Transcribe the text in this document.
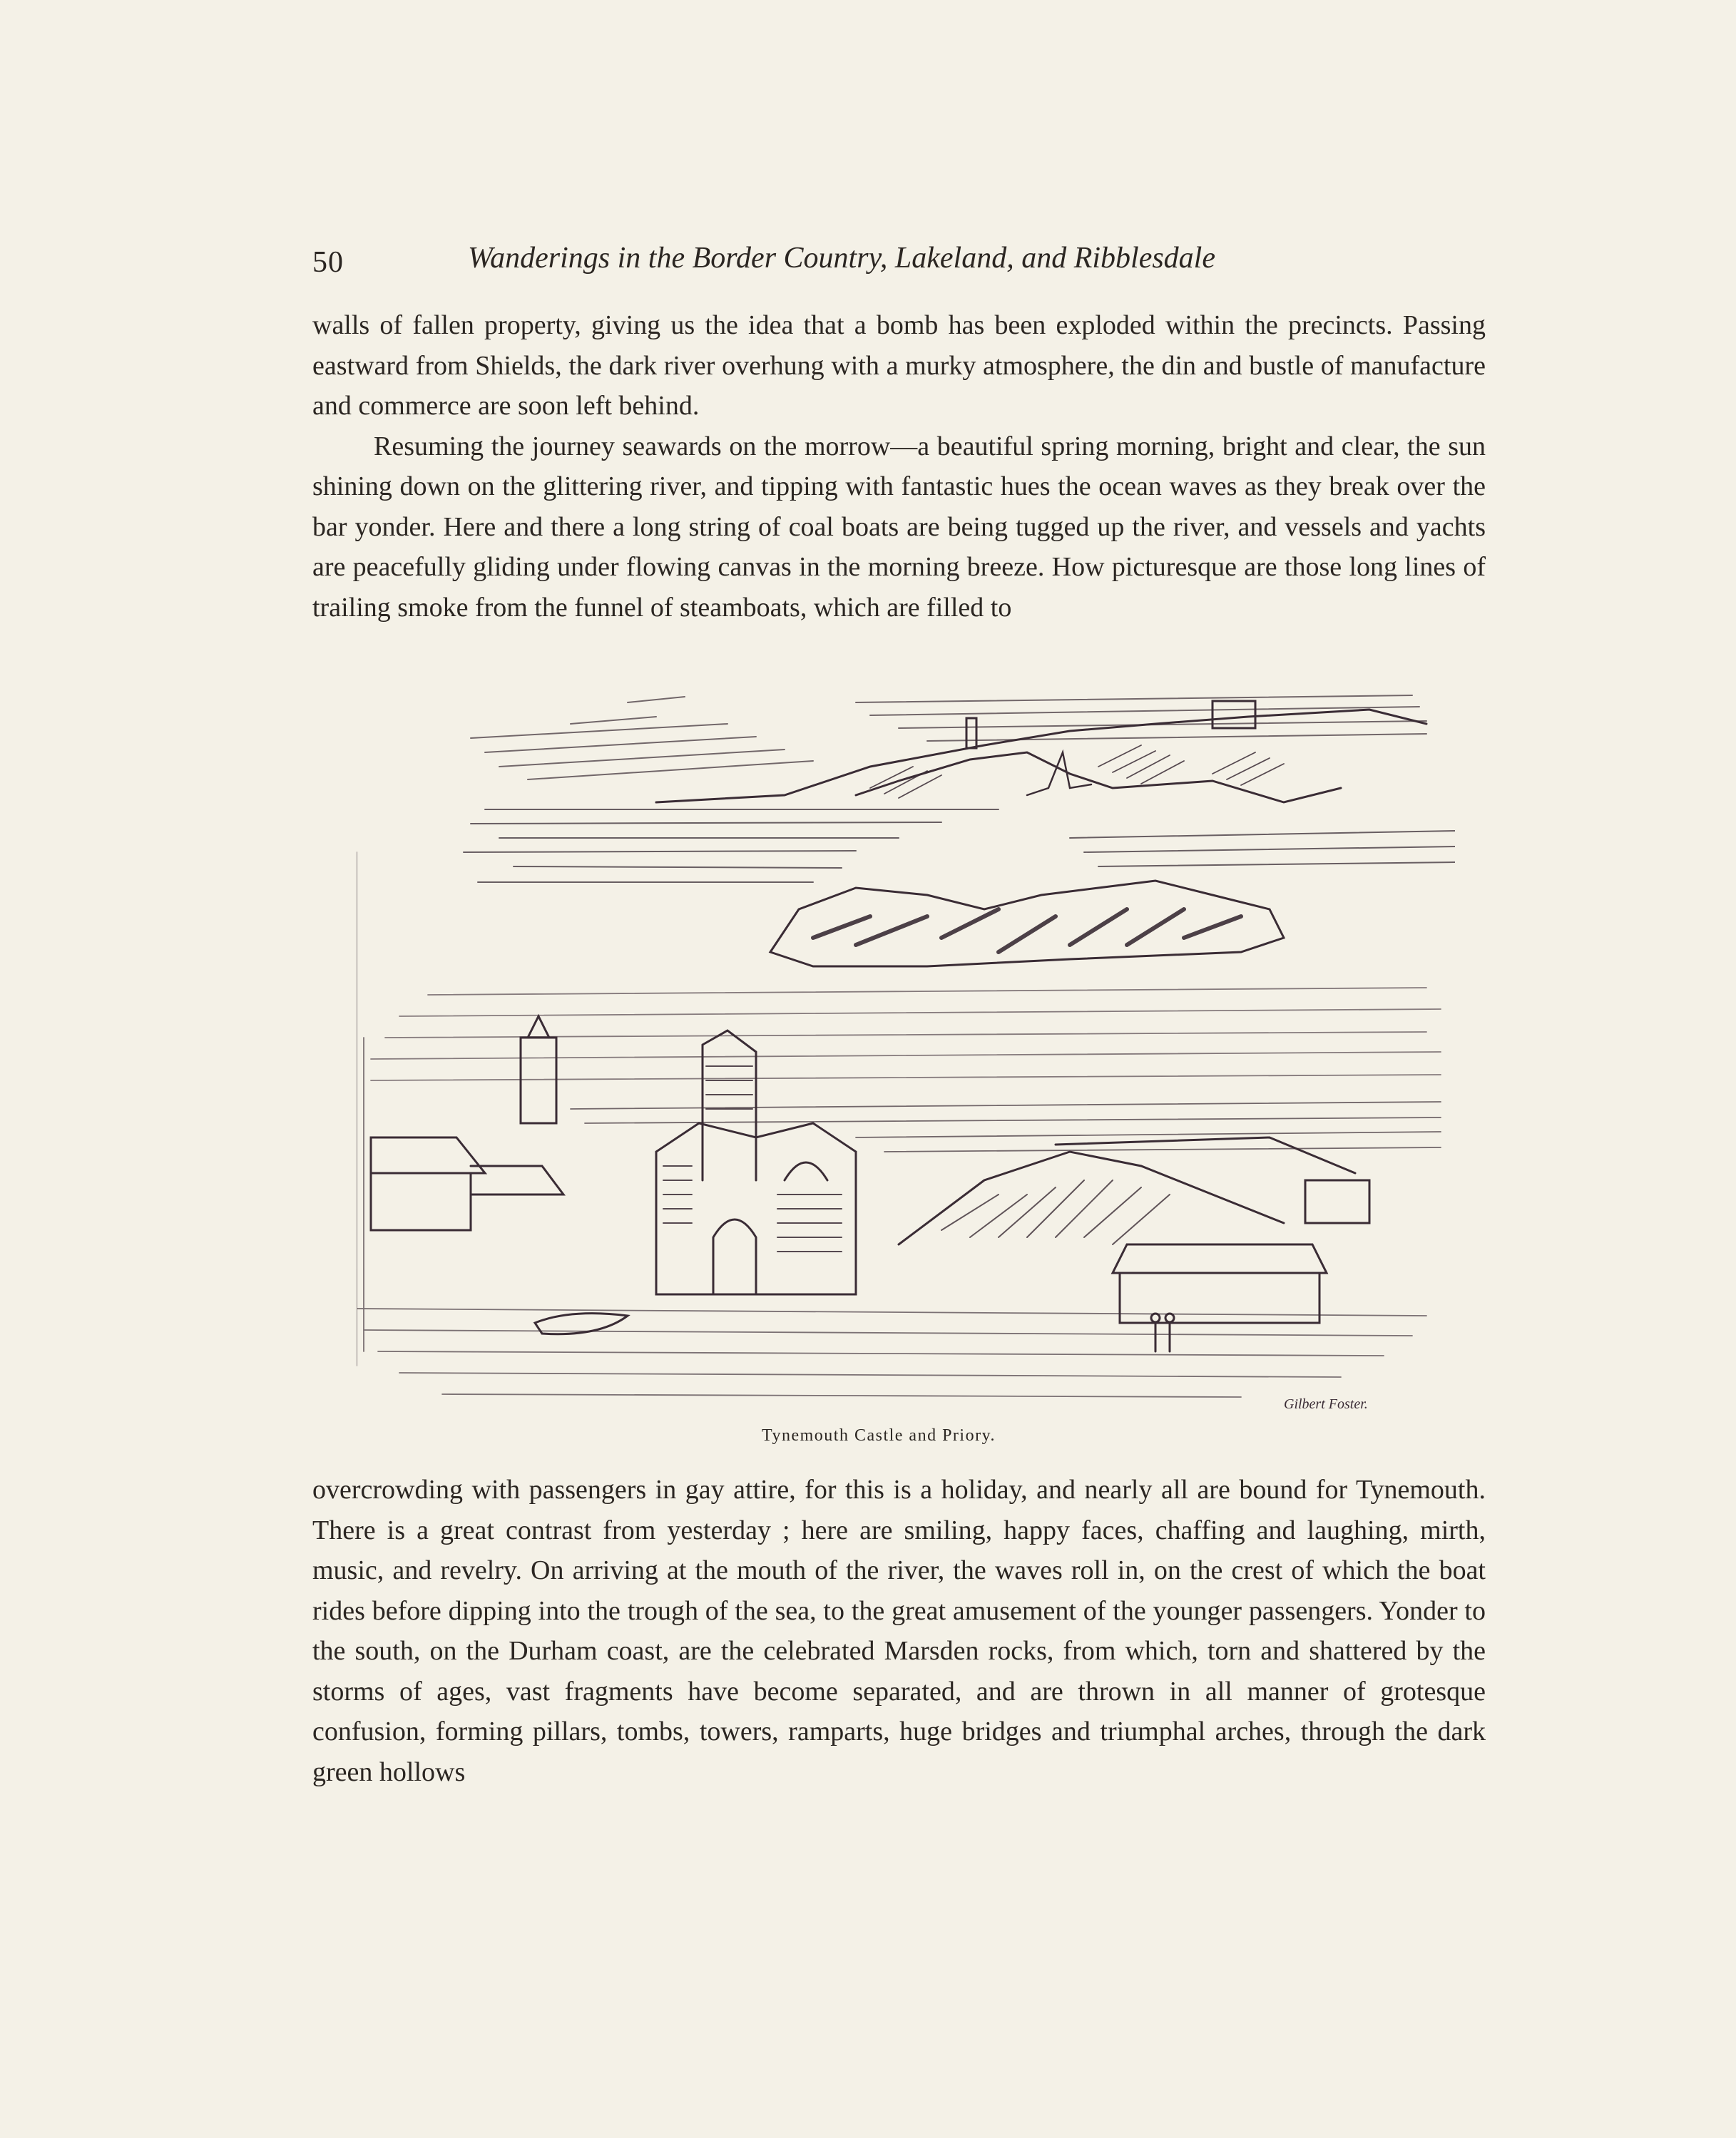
50	Wanderings in the Border Country, Lakeland, and Ribblesdale

walls of fallen property, giving us the idea that a bomb has been exploded within the precincts. Passing eastward from Shields, the dark river overhung with a murky atmosphere, the din and bustle of manufacture and commerce are soon left behind.

Resuming the journey seawards on the morrow—a beautiful spring morning, bright and clear, the sun shining down on the glittering river, and tipping with fantastic hues the ocean waves as they break over the bar yonder. Here and there a long string of coal boats are being tugged up the river, and vessels and yachts are peacefully gliding under flowing canvas in the morning breeze. How picturesque are those long lines of trailing smoke from the funnel of steamboats, which are filled to

Gilbert Foster.
Tynemouth Castle and Priory.

overcrowding with passengers in gay attire, for this is a holiday, and nearly all are bound for Tynemouth. There is a great contrast from yesterday ; here are smiling, happy faces, chaffing and laughing, mirth, music, and revelry. On arriving at the mouth of the river, the waves roll in, on the crest of which the boat rides before dipping into the trough of the sea, to the great amusement of the younger passengers. Yonder to the south, on the Durham coast, are the celebrated Marsden rocks, from which, torn and shattered by the storms of ages, vast fragments have become separated, and are thrown in all manner of grotesque confusion, forming pillars, tombs, towers, ramparts, huge bridges and triumphal arches, through the dark green hollows
